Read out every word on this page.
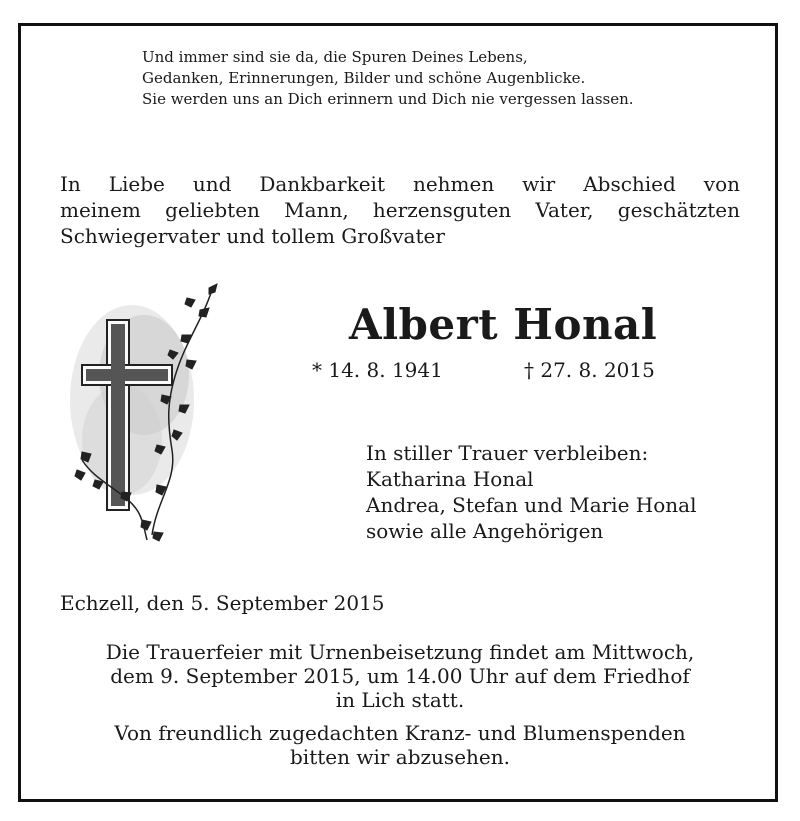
Und immer sind sie da, die Spuren Deines Lebens,
Gedanken, Erinnerungen, Bilder und schöne Augenblicke.
Sie werden uns an Dich erinnern und Dich nie vergessen lassen.
In Liebe und Dankbarkeit nehmen wir Abschied von
meinem geliebten Mann, herzensguten Vater, geschätzten
Schwiegervater und tollem Großvater
Albert Honal
* 14. 8. 1941	† 27. 8. 2015
In stiller Trauer verbleiben:
Katharina Honal
Andrea, Stefan und Marie Honal
sowie alle Angehörigen
Echzell, den 5. September 2015
Die Trauerfeier mit Urnenbeisetzung findet am Mittwoch,
dem 9. September 2015, um 14.00 Uhr auf dem Friedhof
in Lich statt.
Von freundlich zugedachten Kranz- und Blumenspenden
bitten wir abzusehen.
